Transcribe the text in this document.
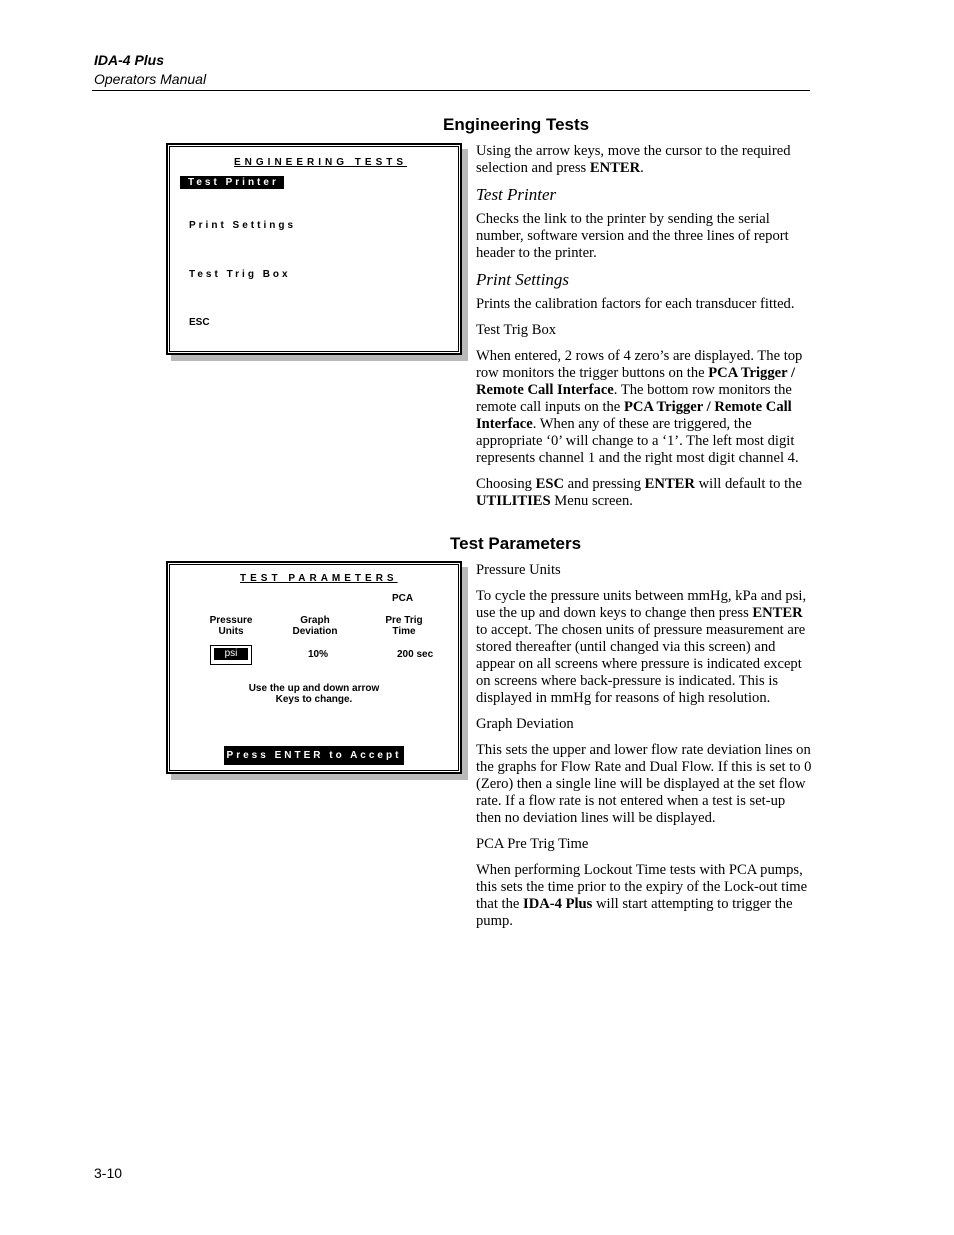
IDA-4 Plus
Operators Manual
Engineering Tests
ENGINEERING TESTS
Test Printer
Print Settings
Test Trig Box
ESC

Using the arrow keys, move the cursor to the required selection and press ENTER.

Test Printer

Checks the link to the printer by sending the serial number, software version and the three lines of report header to the printer.

Print Settings

Prints the calibration factors for each transducer fitted.

Test Trig Box

When entered, 2 rows of 4 zero’s are displayed. The top row monitors the trigger buttons on the PCA Trigger / Remote Call Interface. The bottom row monitors the remote call inputs on the PCA Trigger / Remote Call Interface. When any of these are triggered, the appropriate ‘0’ will change to a ‘1’. The left most digit represents channel 1 and the right most digit channel 4.

Choosing ESC and pressing ENTER will default to the UTILITIES Menu screen.

Test Parameters
TEST PARAMETERS
PCA
Pressure
Units
Graph
Deviation
Pre Trig
Time
psi	10%	200 sec
Use the up and down arrow
Keys to change.
Press ENTER to Accept

Pressure Units

To cycle the pressure units between mmHg, kPa and psi, use the up and down keys to change then press ENTER to accept. The chosen units of pressure measurement are stored thereafter (until changed via this screen) and appear on all screens where pressure is indicated except on screens where back-pressure is indicated. This is displayed in mmHg for reasons of high resolution.

Graph Deviation

This sets the upper and lower flow rate deviation lines on the graphs for Flow Rate and Dual Flow. If this is set to 0 (Zero) then a single line will be displayed at the set flow rate. If a flow rate is not entered when a test is set-up then no deviation lines will be displayed.

PCA Pre Trig Time

When performing Lockout Time tests with PCA pumps, this sets the time prior to the expiry of the Lock-out time that the IDA-4 Plus will start attempting to trigger the pump.

3-10
